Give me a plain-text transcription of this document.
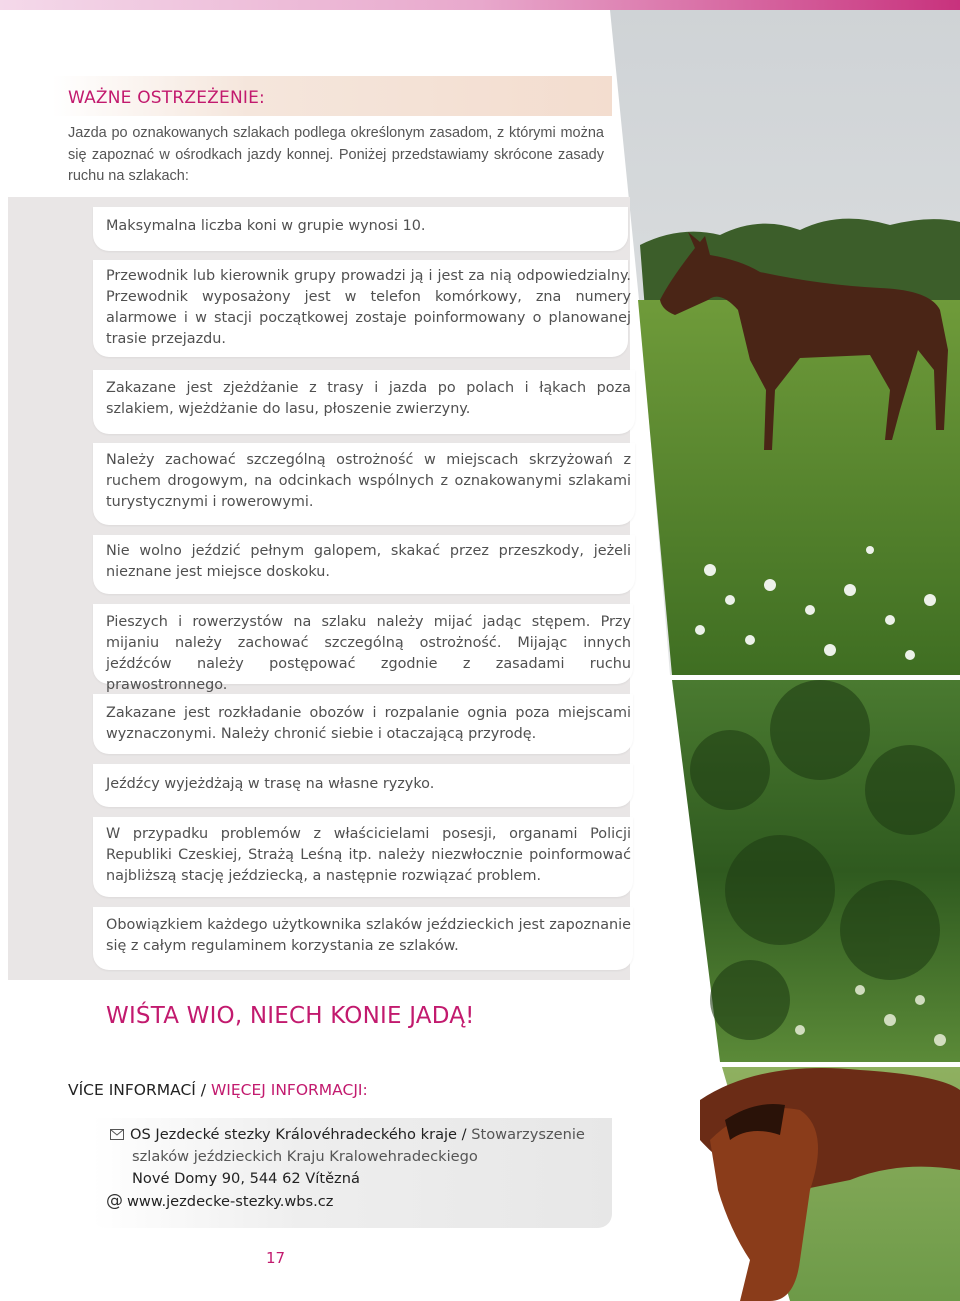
WAŻNE OSTRZEŻENIE:
Jazda po oznakowanych szlakach podlega określonym zasadom, z którymi można się zapoznać w ośrodkach jazdy konnej. Poniżej przedstawiamy skrócone zasady ruchu na szlakach:
Maksymalna liczba koni w grupie wynosi 10.
Przewodnik lub kierownik grupy prowadzi ją i jest za nią odpowiedzialny. Przewodnik wyposażony jest w telefon komórkowy, zna numery alarmowe i w stacji początkowej zostaje poinformowany o planowanej trasie przejazdu.
Zakazane jest zjeżdżanie z trasy i jazda po polach i łąkach poza szlakiem, wjeżdżanie do lasu, płoszenie zwierzyny.
Należy zachować szczególną ostrożność w miejscach skrzyżowań z ruchem drogowym, na odcinkach wspólnych z oznakowanymi szlakami turystycznymi i rowerowymi.
Nie wolno jeździć pełnym galopem, skakać przez przeszkody, jeżeli nieznane jest miejsce doskoku.
Pieszych i rowerzystów na szlaku należy mijać jadąc stępem. Przy mijaniu należy zachować szczególną ostrożność. Mijając innych jeźdźców należy postępować zgodnie z zasadami ruchu prawostronnego.
Zakazane jest rozkładanie obozów i rozpalanie ognia poza miejscami wyznaczonymi. Należy chronić siebie i otaczającą przyrodę.
Jeźdźcy wyjeżdżają w trasę na własne ryzyko.
W przypadku problemów z właścicielami posesji, organami Policji Republiki Czeskiej, Strażą Leśną itp. należy niezwłocznie poinformować najbliższą stację jeździecką, a następnie rozwiązać problem.
Obowiązkiem każdego użytkownika szlaków jeździeckich jest zapoznanie się z całym regulaminem korzystania ze szlaków.
WIŚTA WIO, NIECH KONIE JADĄ!
VÍCE INFORMACÍ / WIĘCEJ INFORMACJI:
OS Jezdecké stezky Královéhradeckého kraje / Stowarzyszenie
szlaków jeździeckich Kraju Kralowehradeckiego
Nové Domy 90, 544 62 Vítězná
@ www.jezdecke-stezky.wbs.cz
17
